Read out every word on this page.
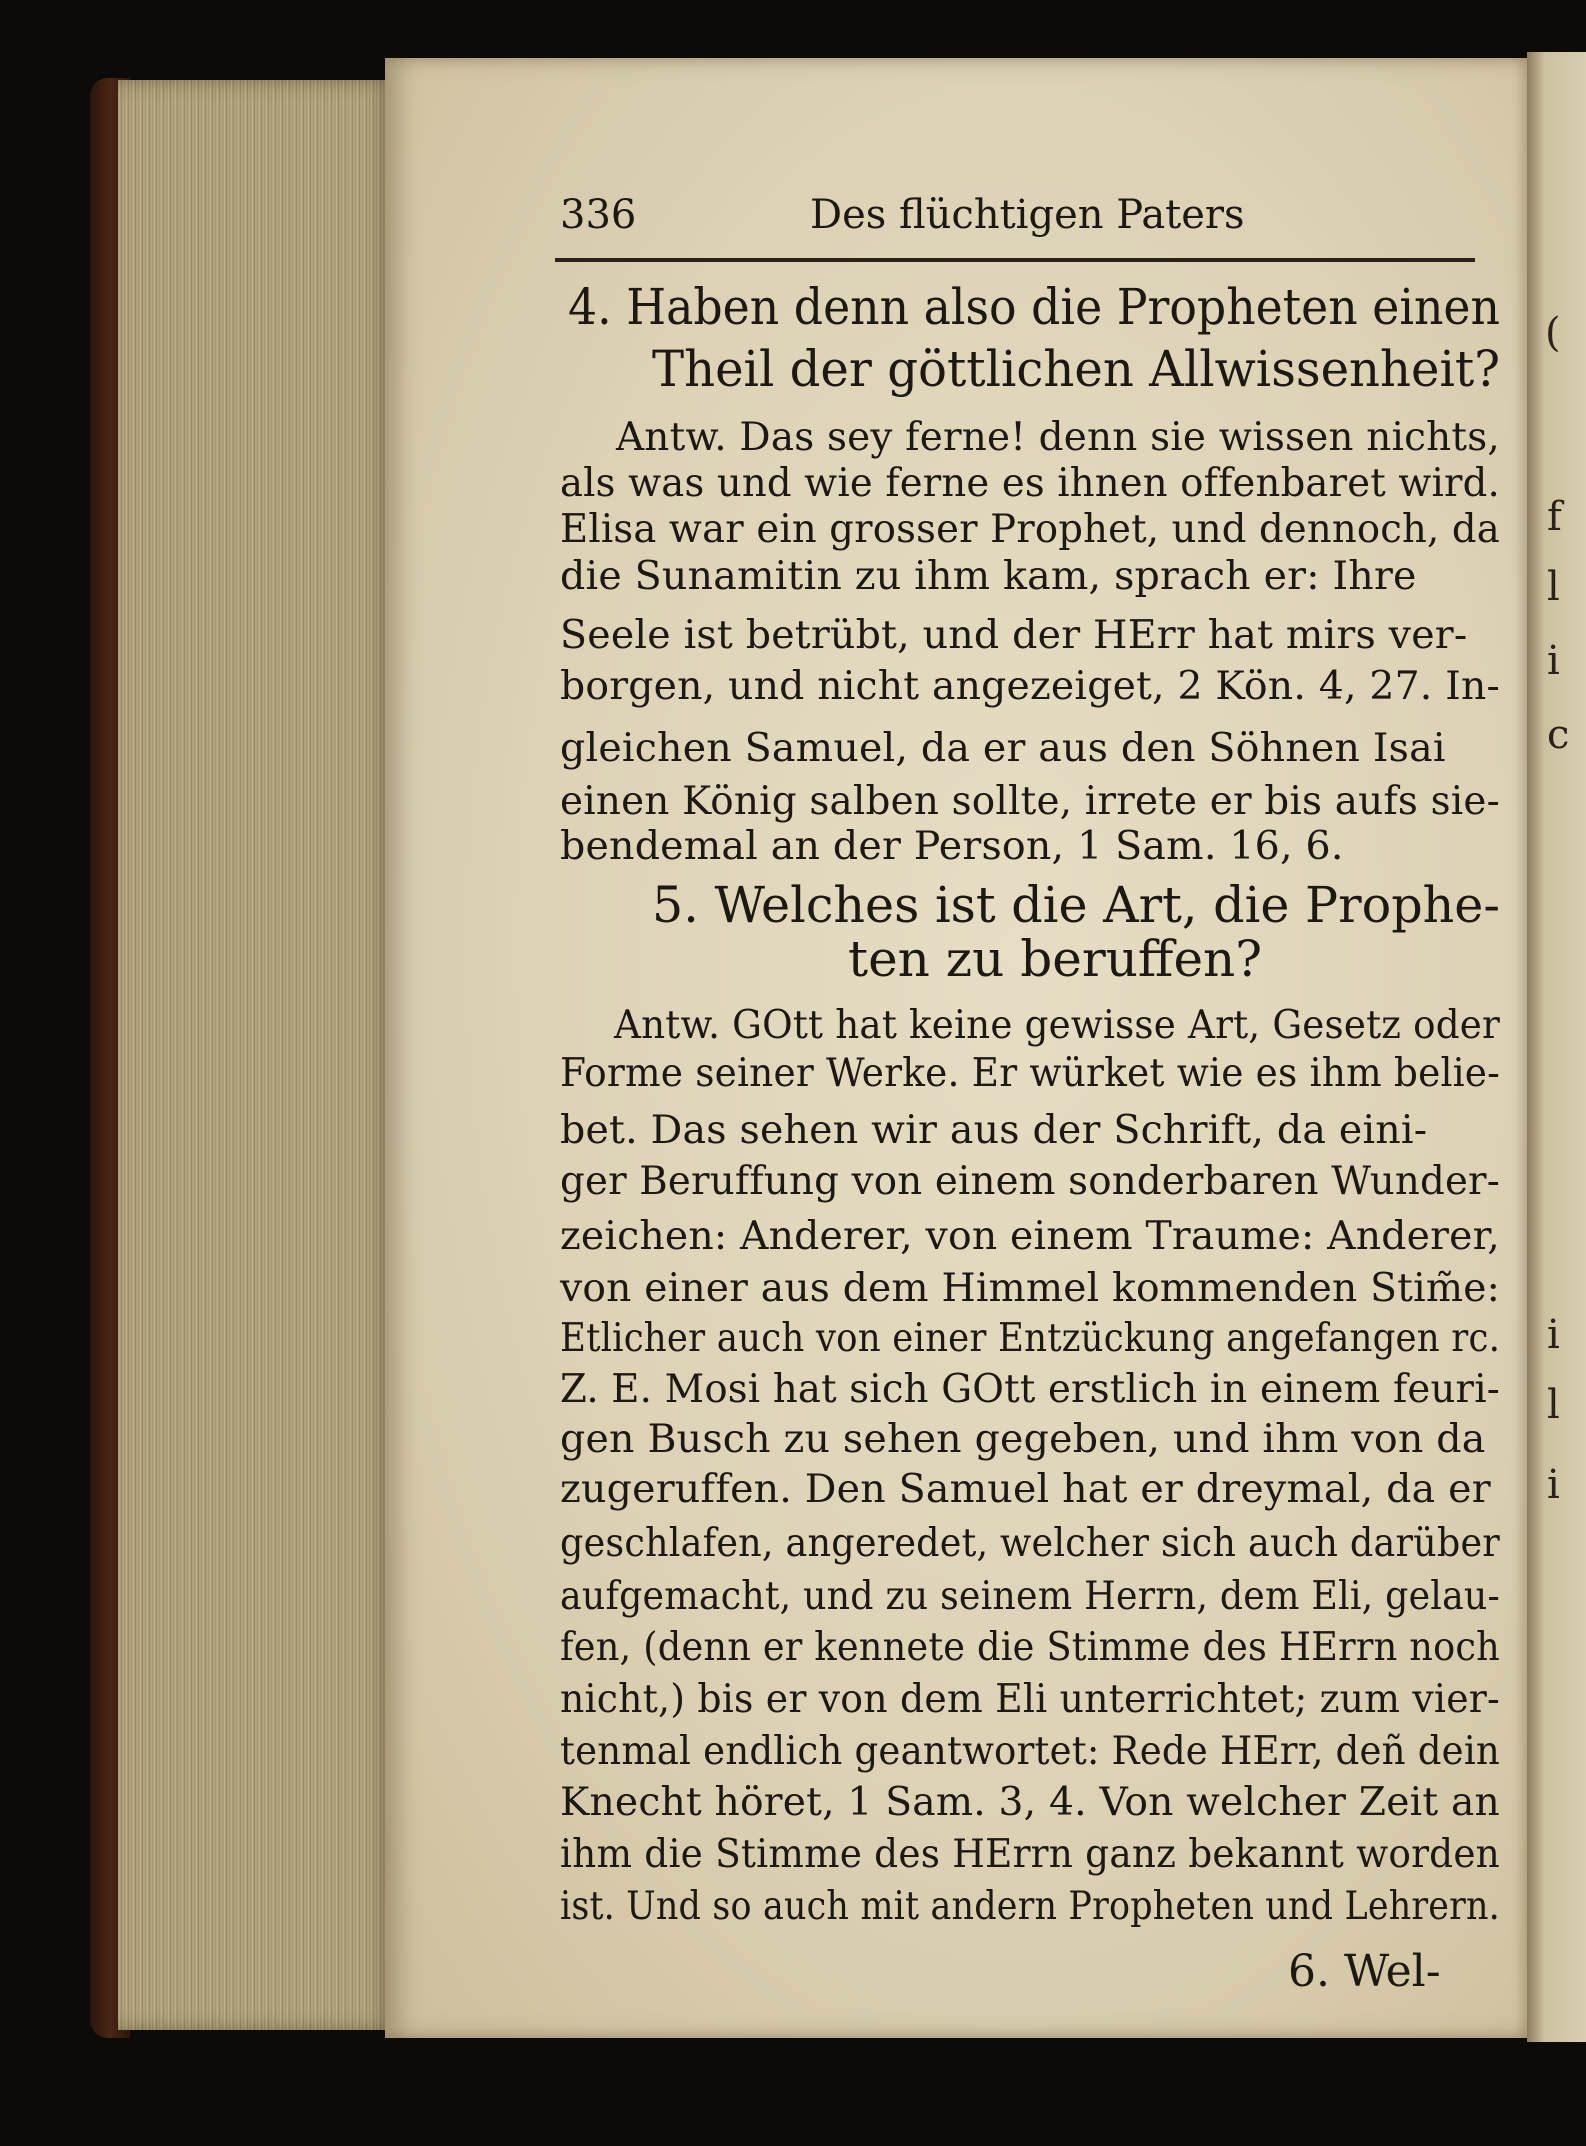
(
f
l
i
c
i
l
i
336	Des flüchtigen Paters
4. Haben denn also die Propheten einen
Theil der göttlichen Allwissenheit?
Antw. Das sey ferne! denn sie wissen nichts,
als was und wie ferne es ihnen offenbaret wird.
Elisa war ein grosser Prophet, und dennoch, da
die Sunamitin zu ihm kam, sprach er: Ihre
Seele ist betrübt, und der HErr hat mirs ver-
borgen, und nicht angezeiget, 2 Kön. 4, 27. In-
gleichen Samuel, da er aus den Söhnen Isai
einen König salben sollte, irrete er bis aufs sie-
bendemal an der Person, 1 Sam. 16, 6.
5. Welches ist die Art, die Prophe-
ten zu beruffen?
Antw. GOtt hat keine gewisse Art, Gesetz oder
Forme seiner Werke. Er würket wie es ihm belie-
bet. Das sehen wir aus der Schrift, da eini-
ger Beruffung von einem sonderbaren Wunder-
zeichen: Anderer, von einem Traume: Anderer,
von einer aus dem Himmel kommenden Stim̃e:
Etlicher auch von einer Entzückung angefangen rc.
Z. E. Mosi hat sich GOtt erstlich in einem feuri-
gen Busch zu sehen gegeben, und ihm von da
zugeruffen. Den Samuel hat er dreymal, da er
geschlafen, angeredet, welcher sich auch darüber
aufgemacht, und zu seinem Herrn, dem Eli, gelau-
fen, (denn er kennete die Stimme des HErrn noch
nicht,) bis er von dem Eli unterrichtet; zum vier-
tenmal endlich geantwortet: Rede HErr, deñ dein
Knecht höret, 1 Sam. 3, 4. Von welcher Zeit an
ihm die Stimme des HErrn ganz bekannt worden
ist. Und so auch mit andern Propheten und Lehrern.
6. Wel-
